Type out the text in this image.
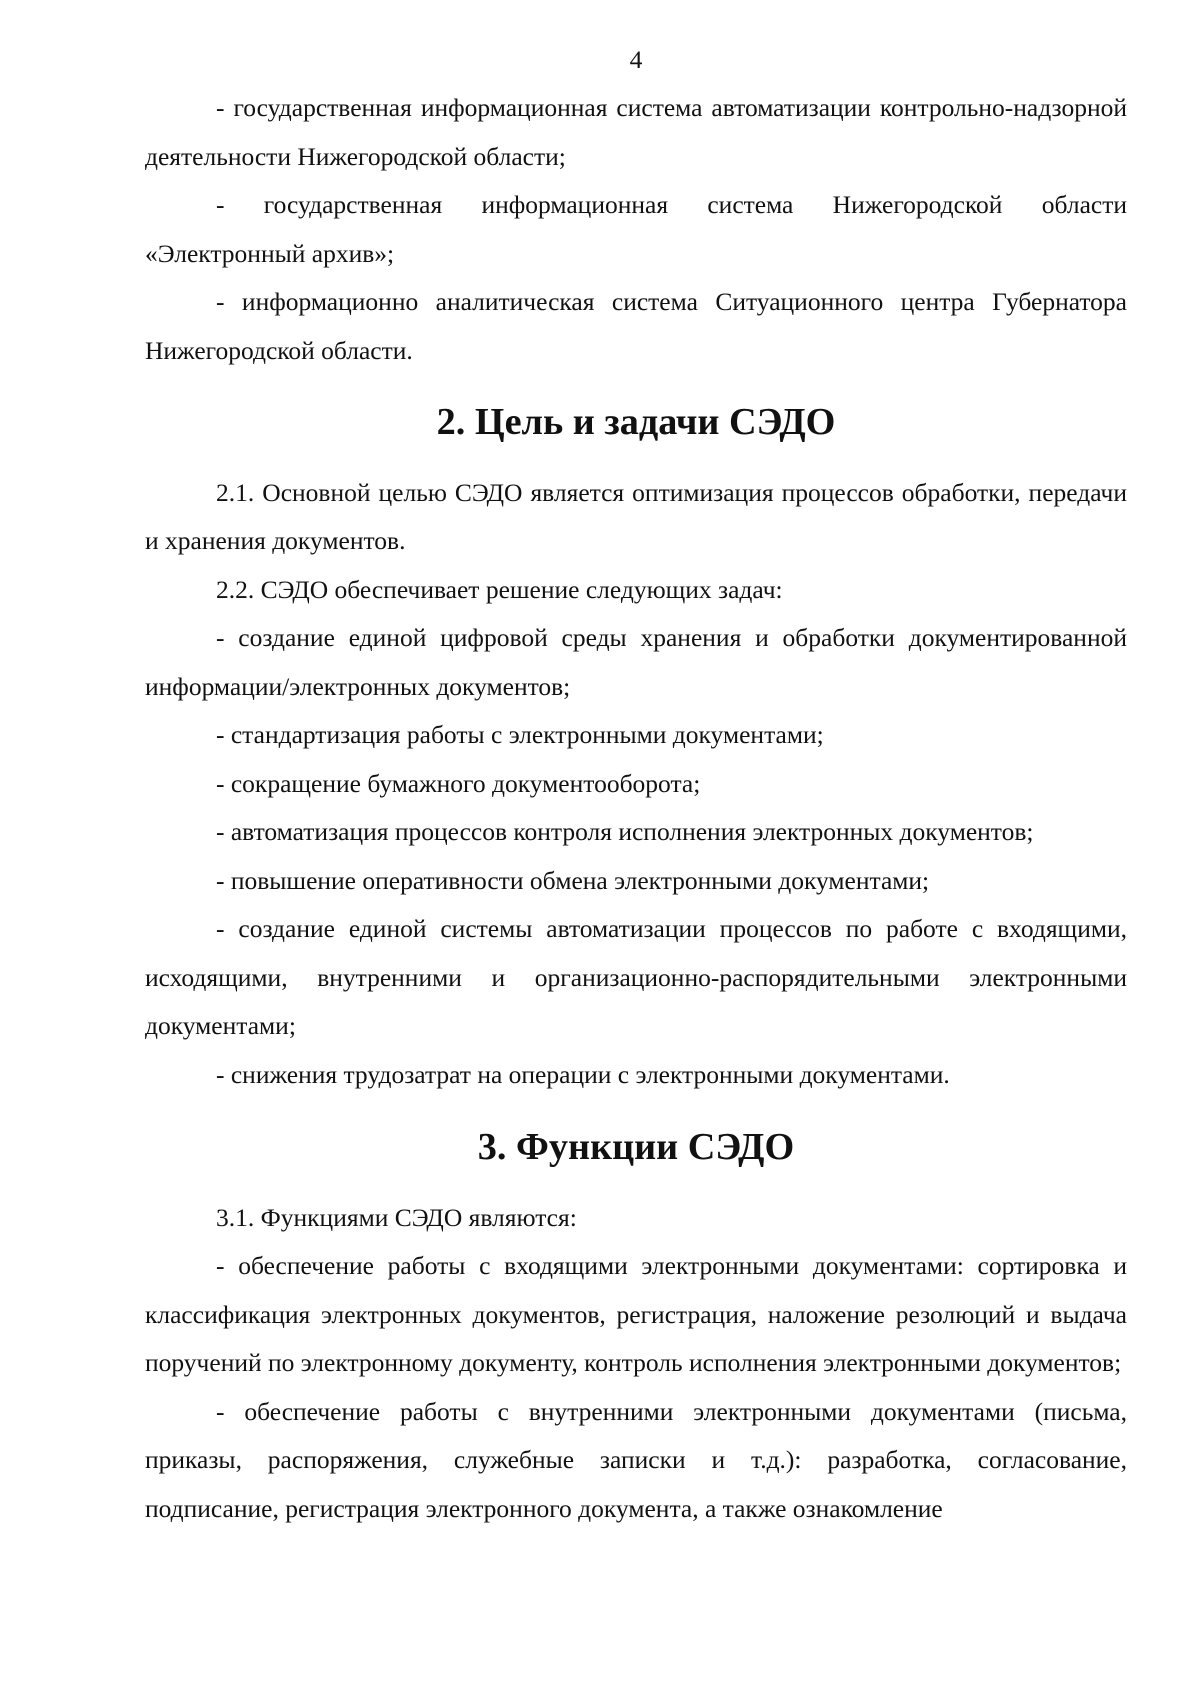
4

- государственная информационная система автоматизации контрольно-надзорной деятельности Нижегородской области;

- государственная информационная система Нижегородской области «Электронный архив»;

- информационно аналитическая система Ситуационного центра Губернатора Нижегородской области.

2. Цель и задачи СЭДО

2.1. Основной целью СЭДО является оптимизация процессов обработки, передачи и хранения документов.

2.2. СЭДО обеспечивает решение следующих задач:

- создание единой цифровой среды хранения и обработки документированной информации/электронных документов;

- стандартизация работы с электронными документами;

- сокращение бумажного документооборота;

- автоматизация процессов контроля исполнения электронных документов;

- повышение оперативности обмена электронными документами;

- создание единой системы автоматизации процессов по работе с входящими, исходящими, внутренними и организационно-распорядительными электронными документами;

- снижения трудозатрат на операции с электронными документами.

3. Функции СЭДО

3.1. Функциями СЭДО являются:

- обеспечение работы с входящими электронными документами: сортировка и классификация электронных документов, регистрация, наложение резолюций и выдача поручений по электронному документу, контроль исполнения электронными документов;

- обеспечение работы с внутренними электронными документами (письма, приказы, распоряжения, служебные записки и т.д.): разработка, согласование, подписание, регистрация электронного документа, а также ознакомление
